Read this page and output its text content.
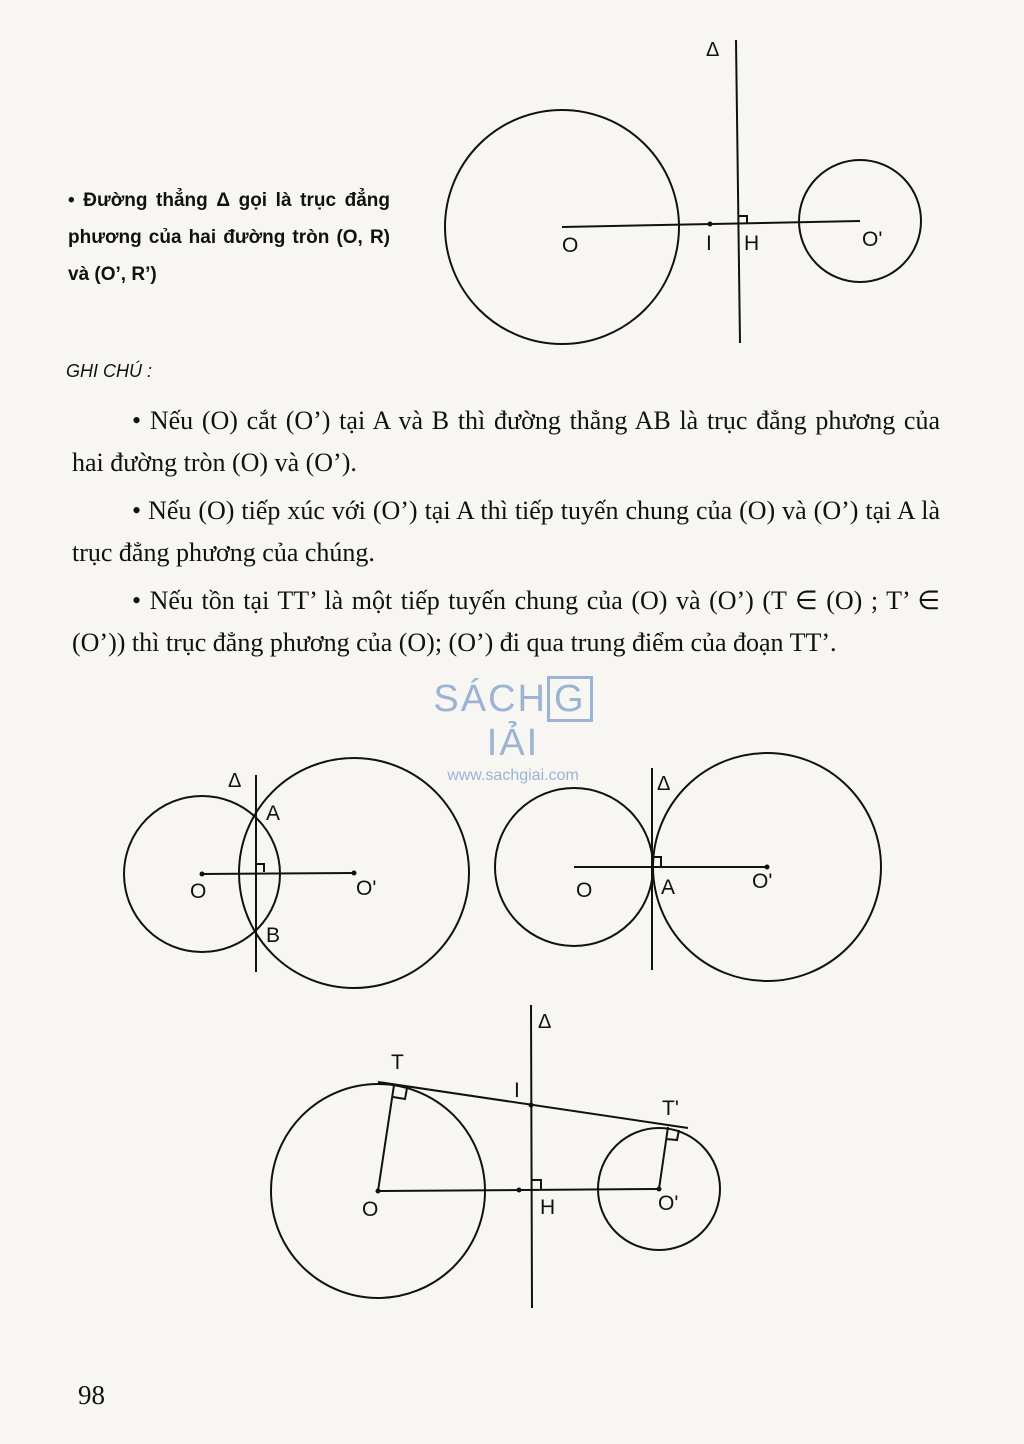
Δ
O	I H	O'
Δ
A
B
O	O'
Δ
O	A	O'
Δ
T
I
T'
O	H	O'

• Đường thẳng Δ gọi là trục đẳng phương của hai đường tròn (O, R) và (O’, R’)

GHI CHÚ :

• Nếu (O) cắt (O’) tại A và B thì đường thẳng AB là trục đẳng phương của hai đường tròn (O) và (O’).

• Nếu (O) tiếp xúc với (O’) tại A thì tiếp tuyến chung của (O) và (O’) tại A là trục đẳng phương của chúng.

• Nếu tồn tại TT’ là một tiếp tuyến chung của (O) và (O’) (T ∈ (O) ; T’ ∈ (O’)) thì trục đẳng phương của (O); (O’) đi qua trung điểm của đoạn TT’.

SÁCH GIẢI
www.sachgiai.com

98
